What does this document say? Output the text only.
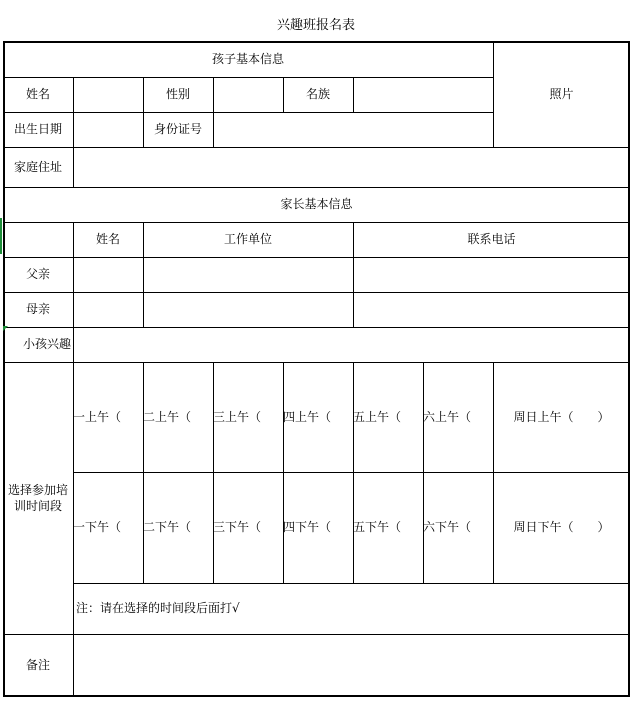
兴趣班报名表
孩子基本信息
照片
姓名	性别	名族
出生日期	身份证号
家庭住址
家长基本信息
姓名	工作单位	联系电话
父亲
母亲
小孩兴趣
选择参加培训时间段
一上午（	二上午（	三上午（	四上午（	五上午（	六上午（	周日上午（　　）
一下午（	二下午（	三下午（	四下午（	五下午（	六下午（	周日下午（　　）
注：请在选择的时间段后面打√
备注
